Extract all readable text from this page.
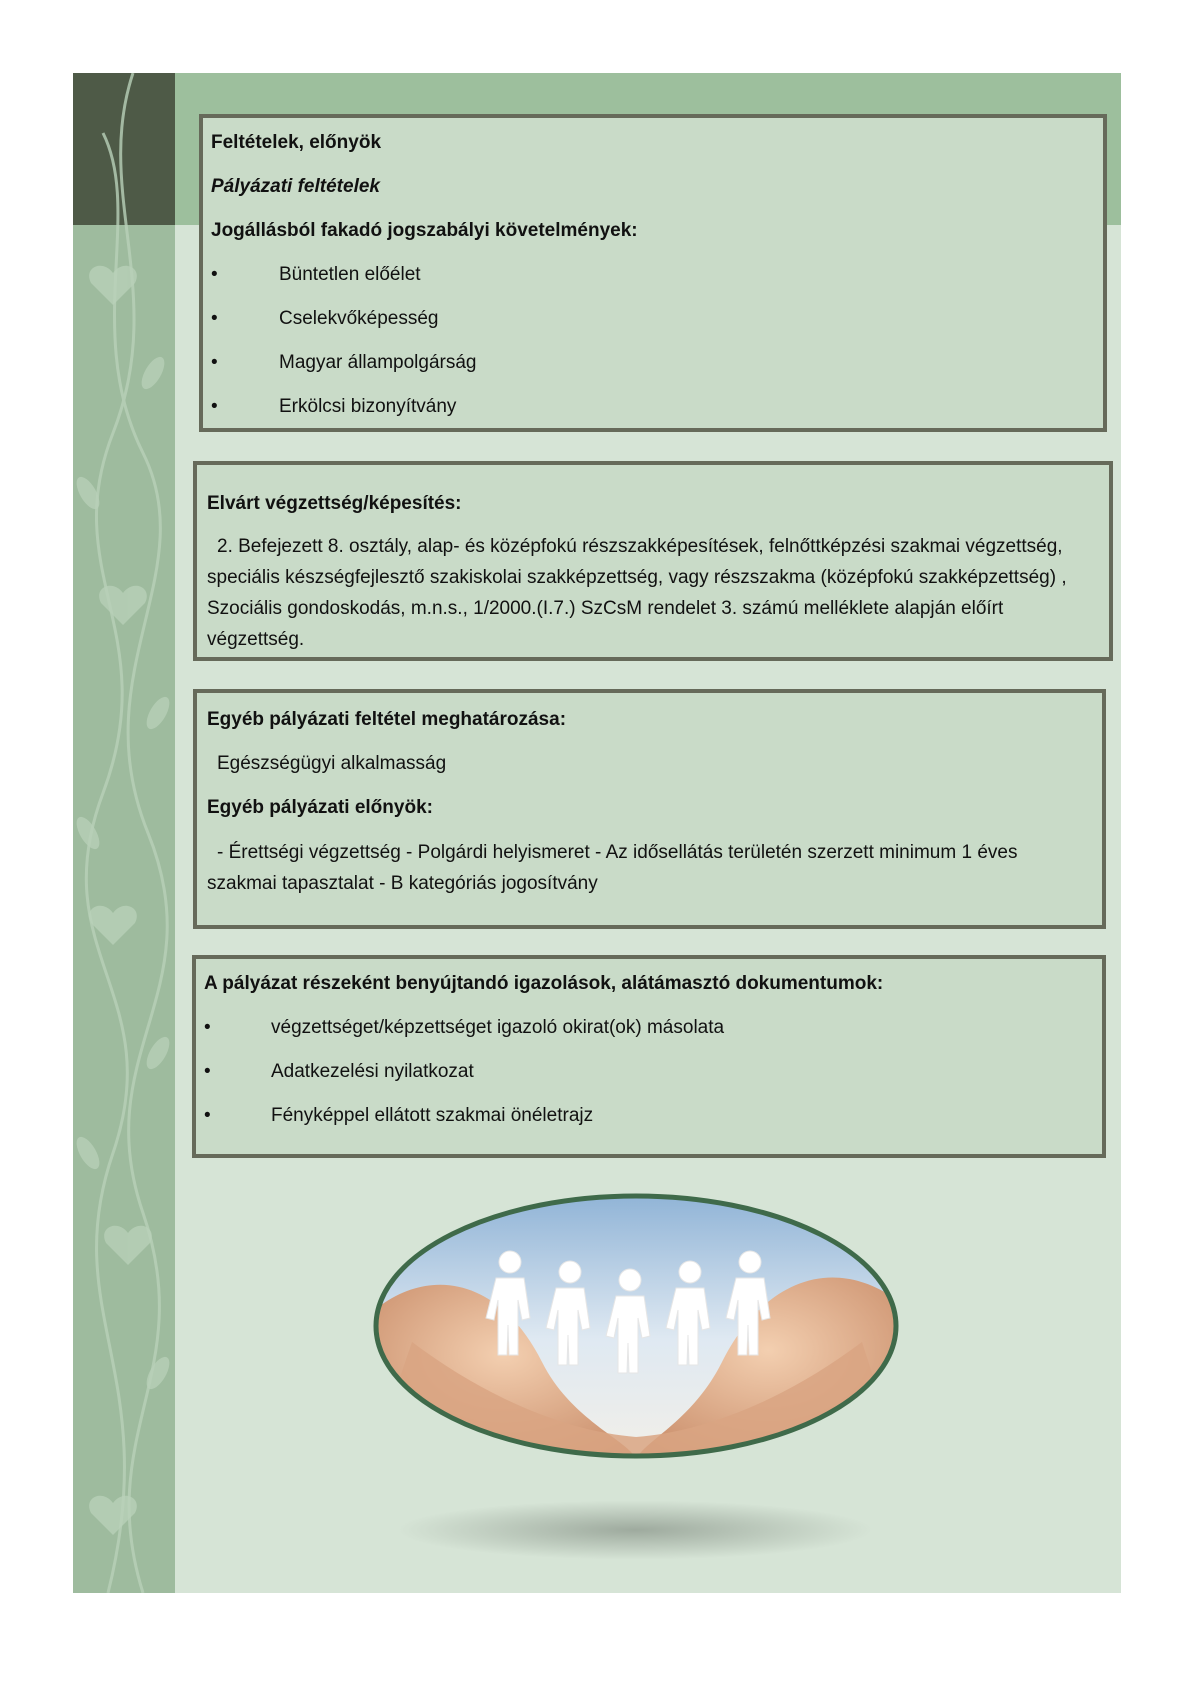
Feltételek, előnyök

Pályázati feltételek

Jogállásból fakadó jogszabályi követelmények:

•	Büntetlen előélet
•	Cselekvőképesség
•	Magyar állampolgárság
•	Erkölcsi bizonyítvány

Elvárt végzettség/képesítés:

2. Befejezett 8. osztály, alap- és középfokú részszakképesítések, felnőttképzési szakmai végzettség, speciális készségfejlesztő szakiskolai szakképzettség, vagy részszakma (középfokú szakképzettség) , Szociális gondoskodás, m.n.s., 1/2000.(I.7.) SzCsM rendelet 3. számú melléklete alapján előírt végzettség.

Egyéb pályázati feltétel meghatározása:

Egészségügyi alkalmasság

Egyéb pályázati előnyök:

- Érettségi végzettség - Polgárdi helyismeret - Az idősellátás területén szerzett minimum 1 éves szakmai tapasztalat - B kategóriás jogosítvány

A pályázat részeként benyújtandó igazolások, alátámasztó dokumentumok:

•	végzettséget/képzettséget igazoló okirat(ok) másolata
•	Adatkezelési nyilatkozat
•	Fényképpel ellátott szakmai önéletrajz
